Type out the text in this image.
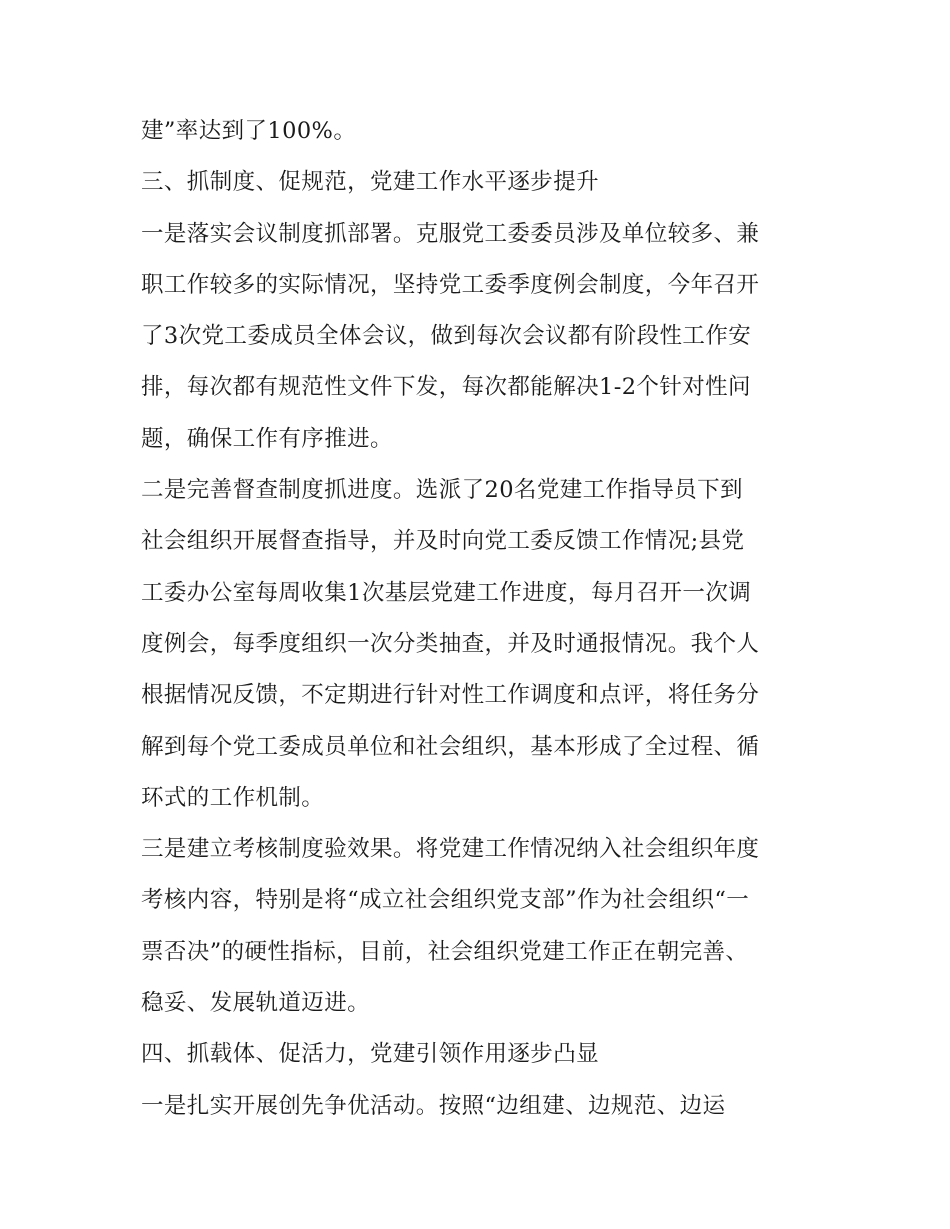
建”率达到了100%。
三、抓制度、促规范，党建工作水平逐步提升
一是落实会议制度抓部署。克服党工委委员涉及单位较多、兼
职工作较多的实际情况，坚持党工委季度例会制度，今年召开
了3次党工委成员全体会议，做到每次会议都有阶段性工作安
排，每次都有规范性文件下发，每次都能解决1-2个针对性问
题，确保工作有序推进。
二是完善督查制度抓进度。选派了20名党建工作指导员下到
社会组织开展督查指导，并及时向党工委反馈工作情况;县党
工委办公室每周收集1次基层党建工作进度，每月召开一次调
度例会，每季度组织一次分类抽查，并及时通报情况。我个人
根据情况反馈，不定期进行针对性工作调度和点评，将任务分
解到每个党工委成员单位和社会组织，基本形成了全过程、循
环式的工作机制。
三是建立考核制度验效果。将党建工作情况纳入社会组织年度
考核内容，特别是将“成立社会组织党支部”作为社会组织“一
票否决”的硬性指标，目前，社会组织党建工作正在朝完善、
稳妥、发展轨道迈进。
四、抓载体、促活力，党建引领作用逐步凸显
一是扎实开展创先争优活动。按照“边组建、边规范、边运
